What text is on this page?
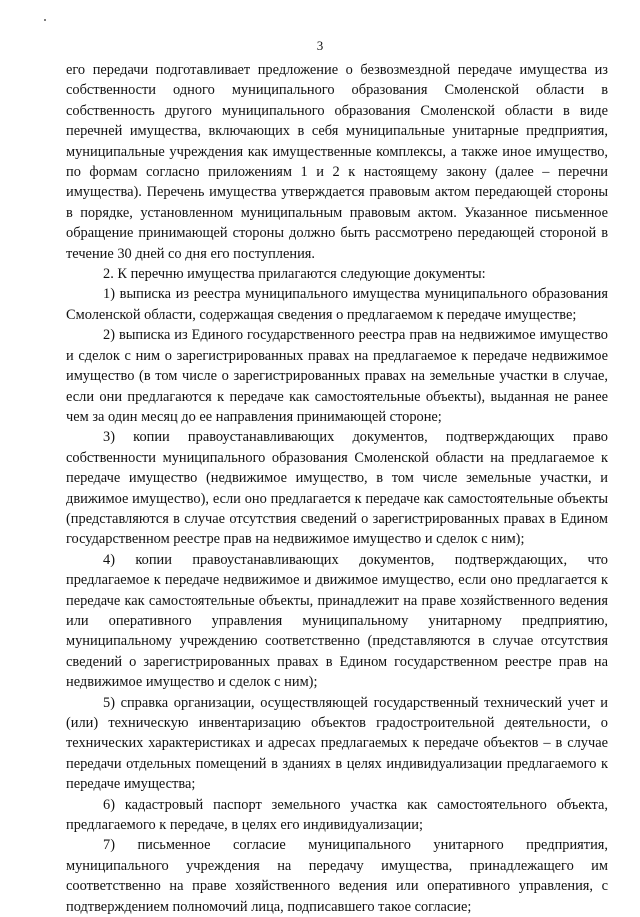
3

его передачи подготавливает предложение о безвозмездной передаче имущества из собственности одного муниципального образования Смоленской области в собственность другого муниципального образования Смоленской области в виде перечней имущества, включающих в себя муниципальные унитарные предприятия, муниципальные учреждения как имущественные комплексы, а также иное имущество, по формам согласно приложениям 1 и 2 к настоящему закону (далее – перечни имущества). Перечень имущества утверждается правовым актом передающей стороны в порядке, установленном муниципальным правовым актом. Указанное письменное обращение принимающей стороны должно быть рассмотрено передающей стороной в течение 30 дней со дня его поступления.

2. К перечню имущества прилагаются следующие документы:

1) выписка из реестра муниципального имущества муниципального образования Смоленской области, содержащая сведения о предлагаемом к передаче имуществе;

2) выписка из Единого государственного реестра прав на недвижимое имущество и сделок с ним о зарегистрированных правах на предлагаемое к передаче недвижимое имущество (в том числе о зарегистрированных правах на земельные участки в случае, если они предлагаются к передаче как самостоятельные объекты), выданная не ранее чем за один месяц до ее направления принимающей стороне;

3) копии правоустанавливающих документов, подтверждающих право собственности муниципального образования Смоленской области на предлагаемое к передаче имущество (недвижимое имущество, в том числе земельные участки, и движимое имущество), если оно предлагается к передаче как самостоятельные объекты (представляются в случае отсутствия сведений о зарегистрированных правах в Едином государственном реестре прав на недвижимое имущество и сделок с ним);

4) копии правоустанавливающих документов, подтверждающих, что предлагаемое к передаче недвижимое и движимое имущество, если оно предлагается к передаче как самостоятельные объекты, принадлежит на праве хозяйственного ведения или оперативного управления муниципальному унитарному предприятию, муниципальному учреждению соответственно (представляются в случае отсутствия сведений о зарегистрированных правах в Едином государственном реестре прав на недвижимое имущество и сделок с ним);

5) справка организации, осуществляющей государственный технический учет и (или) техническую инвентаризацию объектов градостроительной деятельности, о технических характеристиках и адресах предлагаемых к передаче объектов – в случае передачи отдельных помещений в зданиях в целях индивидуализации предлагаемого к передаче имущества;

6) кадастровый паспорт земельного участка как самостоятельного объекта, предлагаемого к передаче, в целях его индивидуализации;

7) письменное согласие муниципального унитарного предприятия, муниципального учреждения на передачу имущества, принадлежащего им соответственно на праве хозяйственного ведения или оперативного управления, с подтверждением полномочий лица, подписавшего такое согласие;
